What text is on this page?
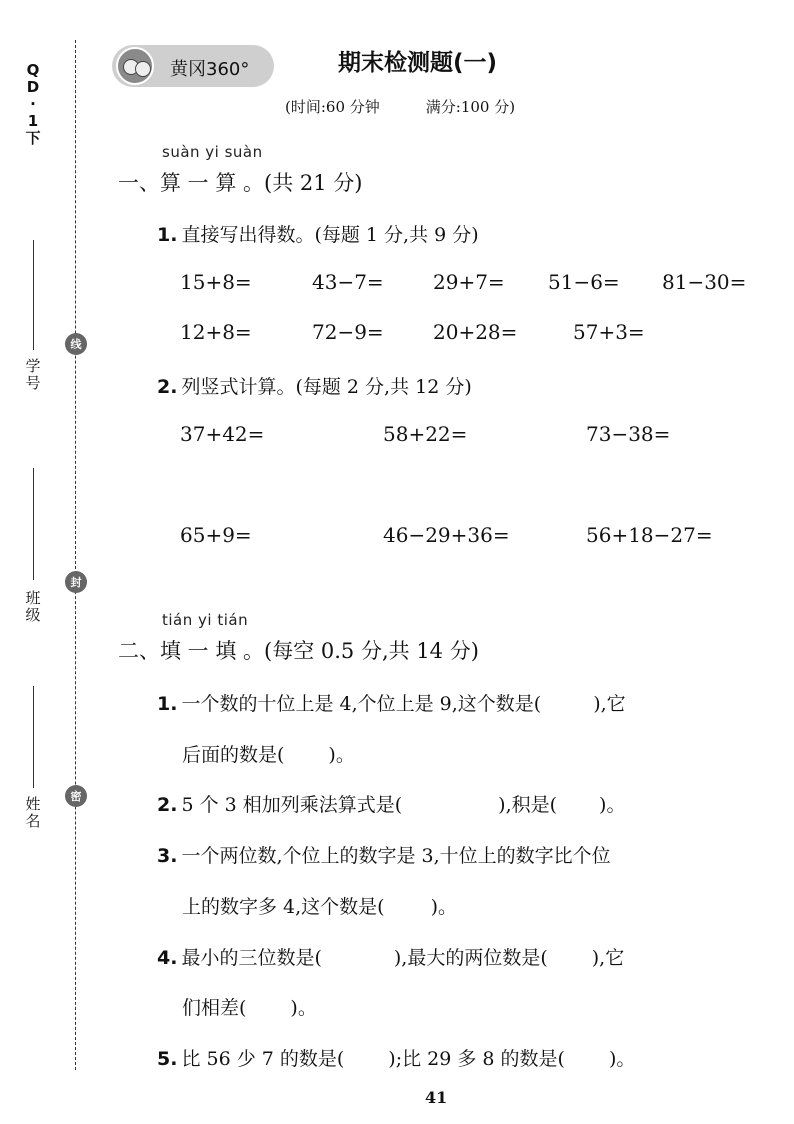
Q
D
·
1
下
学
号
班
级
姓
名
线
封
密
黄冈360°	期末检测题(一)
(时间:60 分钟	满分:100 分)
suàn yi suàn
一、算 一 算 。(共 21 分)
1. 直接写出得数。(每题 1 分,共 9 分)
15+8=	43−7= 29+7= 51−6= 81−30=
12+8=	72−9= 20+28=	57+3=
2. 列竖式计算。(每题 2 分,共 12 分)
37+42=	58+22=	73−38=
65+9=	46−29+36=	56+18−27=
tián yi tián
二、填 一 填 。(每空 0.5 分,共 14 分)
1. 一个数的十位上是 4,个位上是 9,这个数是(	),它
后面的数是( )。
2. 5 个 3 相加列乘法算式是(	),积是( )。
3. 一个两位数,个位上的数字是 3,十位上的数字比个位
上的数字多 4,这个数是( )。
4. 最小的三位数是(	),最大的两位数是( ),它
们相差( )。
5. 比 56 少 7 的数是( );比 29 多 8 的数是( )。
41
